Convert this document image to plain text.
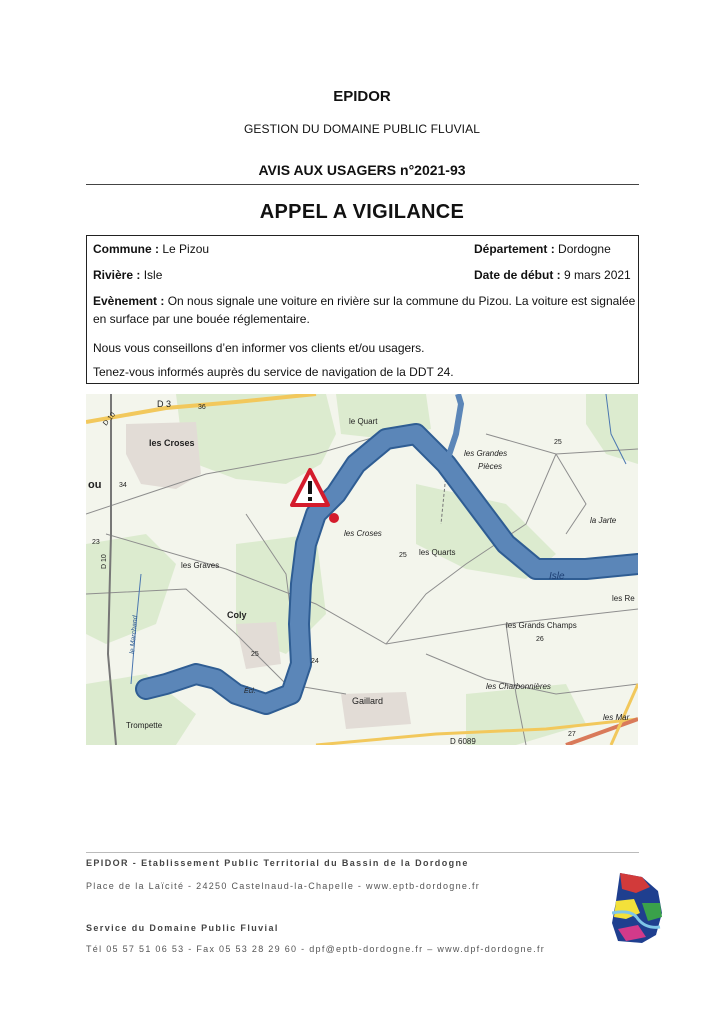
EPIDOR
GESTION DU DOMAINE PUBLIC FLUVIAL
AVIS AUX USAGERS n°2021-93
APPEL A VIGILANCE
Commune : Le Pizou	Département : Dordogne
Rivière : Isle	Date de début : 9 mars 2021
Evènement : On nous signale une voiture en rivière sur la commune du Pizou. La voiture est signalée
en surface par une bouée réglementaire.
Nous vous conseillons d’en informer vos clients et/ou usagers.
Tenez-vous informés auprès du service de navigation de la DDT 24.
D 3	36
le Quart
les Croses
ou	34
D 10
23
D 10
les Grandes
Pièces
25
la Jarte
les Croses
25 les Quarts
Isle
les Graves
Coly
le Marchand
les Re
les Grands Champs
26
25
24
Écl.
les Charbonnières
Gaillard
Trompette
les Mar
27
D 6089
EPIDOR - Etablissement Public Territorial du Bassin de la Dordogne
Place de la Laïcité - 24250 Castelnaud-la-Chapelle - www.eptb-dordogne.fr
Service du Domaine Public Fluvial
Tél 05 57 51 06 53 - Fax 05 53 28 29 60 - dpf@eptb-dordogne.fr – www.dpf-dordogne.fr
